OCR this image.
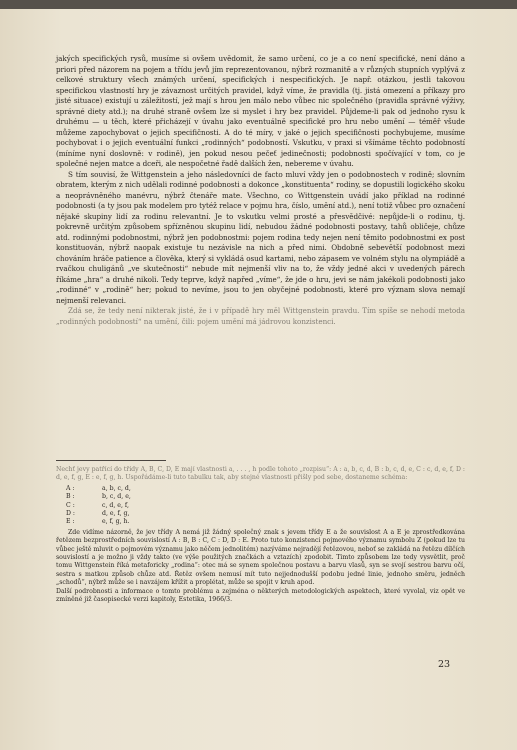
jakých specifických rysů, musíme si ovšem uvědomit, že samo určení, co je a co není specifické, není dáno a priori před názorem na pojem a třídu jevů jím reprezentovanou, nýbrž rozmanitě a v různých stupních vyplývá z celkové struktury všech známých určení, specifických i nespecifických. Je např. otázkou, jestli takovou specifickou vlastností hry je závaznost určitých pravidel, když víme, že pravidla (tj. jistá omezení a příkazy pro jisté situace) existují u záležitostí, jež mají s hrou jen málo nebo vůbec nic společného (pravidla správné výživy, správné diety atd.); na druhé straně ovšem lze si myslet i hry bez pravidel. Půjdeme-li pak od jednoho rysu k druhému — u těch, které přicházejí v úvahu jako eventuálně specifické pro hru nebo umění — téměř všude můžeme zapochybovat o jejich specifičnosti. A do té míry, v jaké o jejich specifičnosti pochybujeme, musíme pochybovat i o jejich eventuální funkci „rodinných“ podobností. Vskutku, v praxi si všímáme těchto podobností (míníme nyní doslovně: v rodině), jen pokud nesou pečeť jedinečnosti; podobnosti spočívající v tom, co je společné nejen matce a dceři, ale nespočetné řadě dalších žen, nebereme v úvahu.

S tím souvisí, že Wittgenstein a jeho následovníci de facto mluví vždy jen o podobnostech v rodině; slovním obratem, kterým z nich udělali rodinné podobnosti a dokonce „konstituenta“ rodiny, se dopustili logického skoku a neoprávněného manévru, nýbrž čtenáře mate. Všechno, co Wittgenstein uvádí jako příklad na rodinné podobnosti (a ty jsou pak modelem pro tytéž relace v pojmu hra, číslo, umění atd.), není totiž vůbec pro označení nějaké skupiny lidí za rodinu relevantní. Je to vskutku velmi prosté a přesvědčivé: nepůjde-li o rodinu, tj. pokrevně určitým způsobem spřízněnou skupinu lidí, nebudou žádné podobnosti postavy, tahů obličeje, chůze atd. rodinnými podobnostmi, nýbrž jen podobnostmi: pojem rodina tedy nejen není těmito podobnostmi ex post konstituován, nýbrž naopak existuje tu nezávisle na nich a před nimi. Obdobně sebevětší podobnost mezi chováním hráče patience a člověka, který si vykládá osud kartami, nebo zápasem ve volném stylu na olympiádě a rvačkou chuligánů „ve skutečnosti“ nebude mít nejmenší vliv na to, že vždy jedné akci v uvedených párech říkáme „hra“ a druhé nikoli. Tedy teprve, když napřed „víme“, že jde o hru, jevi se nám jakékoli podobnosti jako „rodinné“ v „rodině“ her; pokud to nevíme, jsou to jen obyčejné podobnosti, které pro význam slova nemají nejmenší relevanci.

Zdá se, že tedy není nikterak jisté, že i v případě hry měl Wittgenstein pravdu. Tím spíše se nehodí metoda „rodinných podobností“ na umění, čili: pojem umění má jádrovou konzistenci.

Nechť jevy patřící do třídy A, B, C, D, E mají vlastnosti a, . . . , h podle tohoto „rozpisu“: A : a, b, c, d, B : b, c, d, e, C : c, d, e, f, D : d, e, f, g, E : e, f, g, h. Uspořádáme-li tuto tabulku tak, aby stejné vlastnosti přišly pod sebe, dostaneme schéma:

A :	a, b, c, d,
B :	b, c, d, e,
C :	c, d, e, f,
D :	d, e, f, g,
E :	e, f, g, h.

Zde vidíme názorně, že jev třídy A nemá již žádný společný znak s jevem třídy E a že souvislost A a E je zprostředkována řetězem bezprostředních souvislostí A : B, B : C, C : D, D : E. Proto tuto konzistenci pojmového významu symbolu Z (pokud lze tu vůbec ještě mluvit o pojmovém významu jako něčem jednolitém) nazýváme nejradějí řetězovou, neboť se zakládá na řetězu dílčích souvislostí a je možno ji vždy takto (ve výše použitých značkách a vztazích) zpodobit. Timto způsobem lze tedy vysvětlit, proč tomu Wittgenstein říká metaforicky „rodina“: otec má se synem společnou postavu a barvu vlasů, syn se svojí sestrou barvu očí, sestra s matkou způsob chůze atd. Řetěz ovšem nemusí mít tuto nejjednodušší podobu jedné linie, jednoho směru, jedněch „schodů“, nýbrž může se i navzájem křížit a proplétat, může se spojit v kruh apod.

Další podrobnosti a informace o tomto problému a zejména o některých metodologických aspektech, které vyvolal, viz opět ve zmíněné již časopisecké verzi kapitoly, Estetika, 1966/3.

23
